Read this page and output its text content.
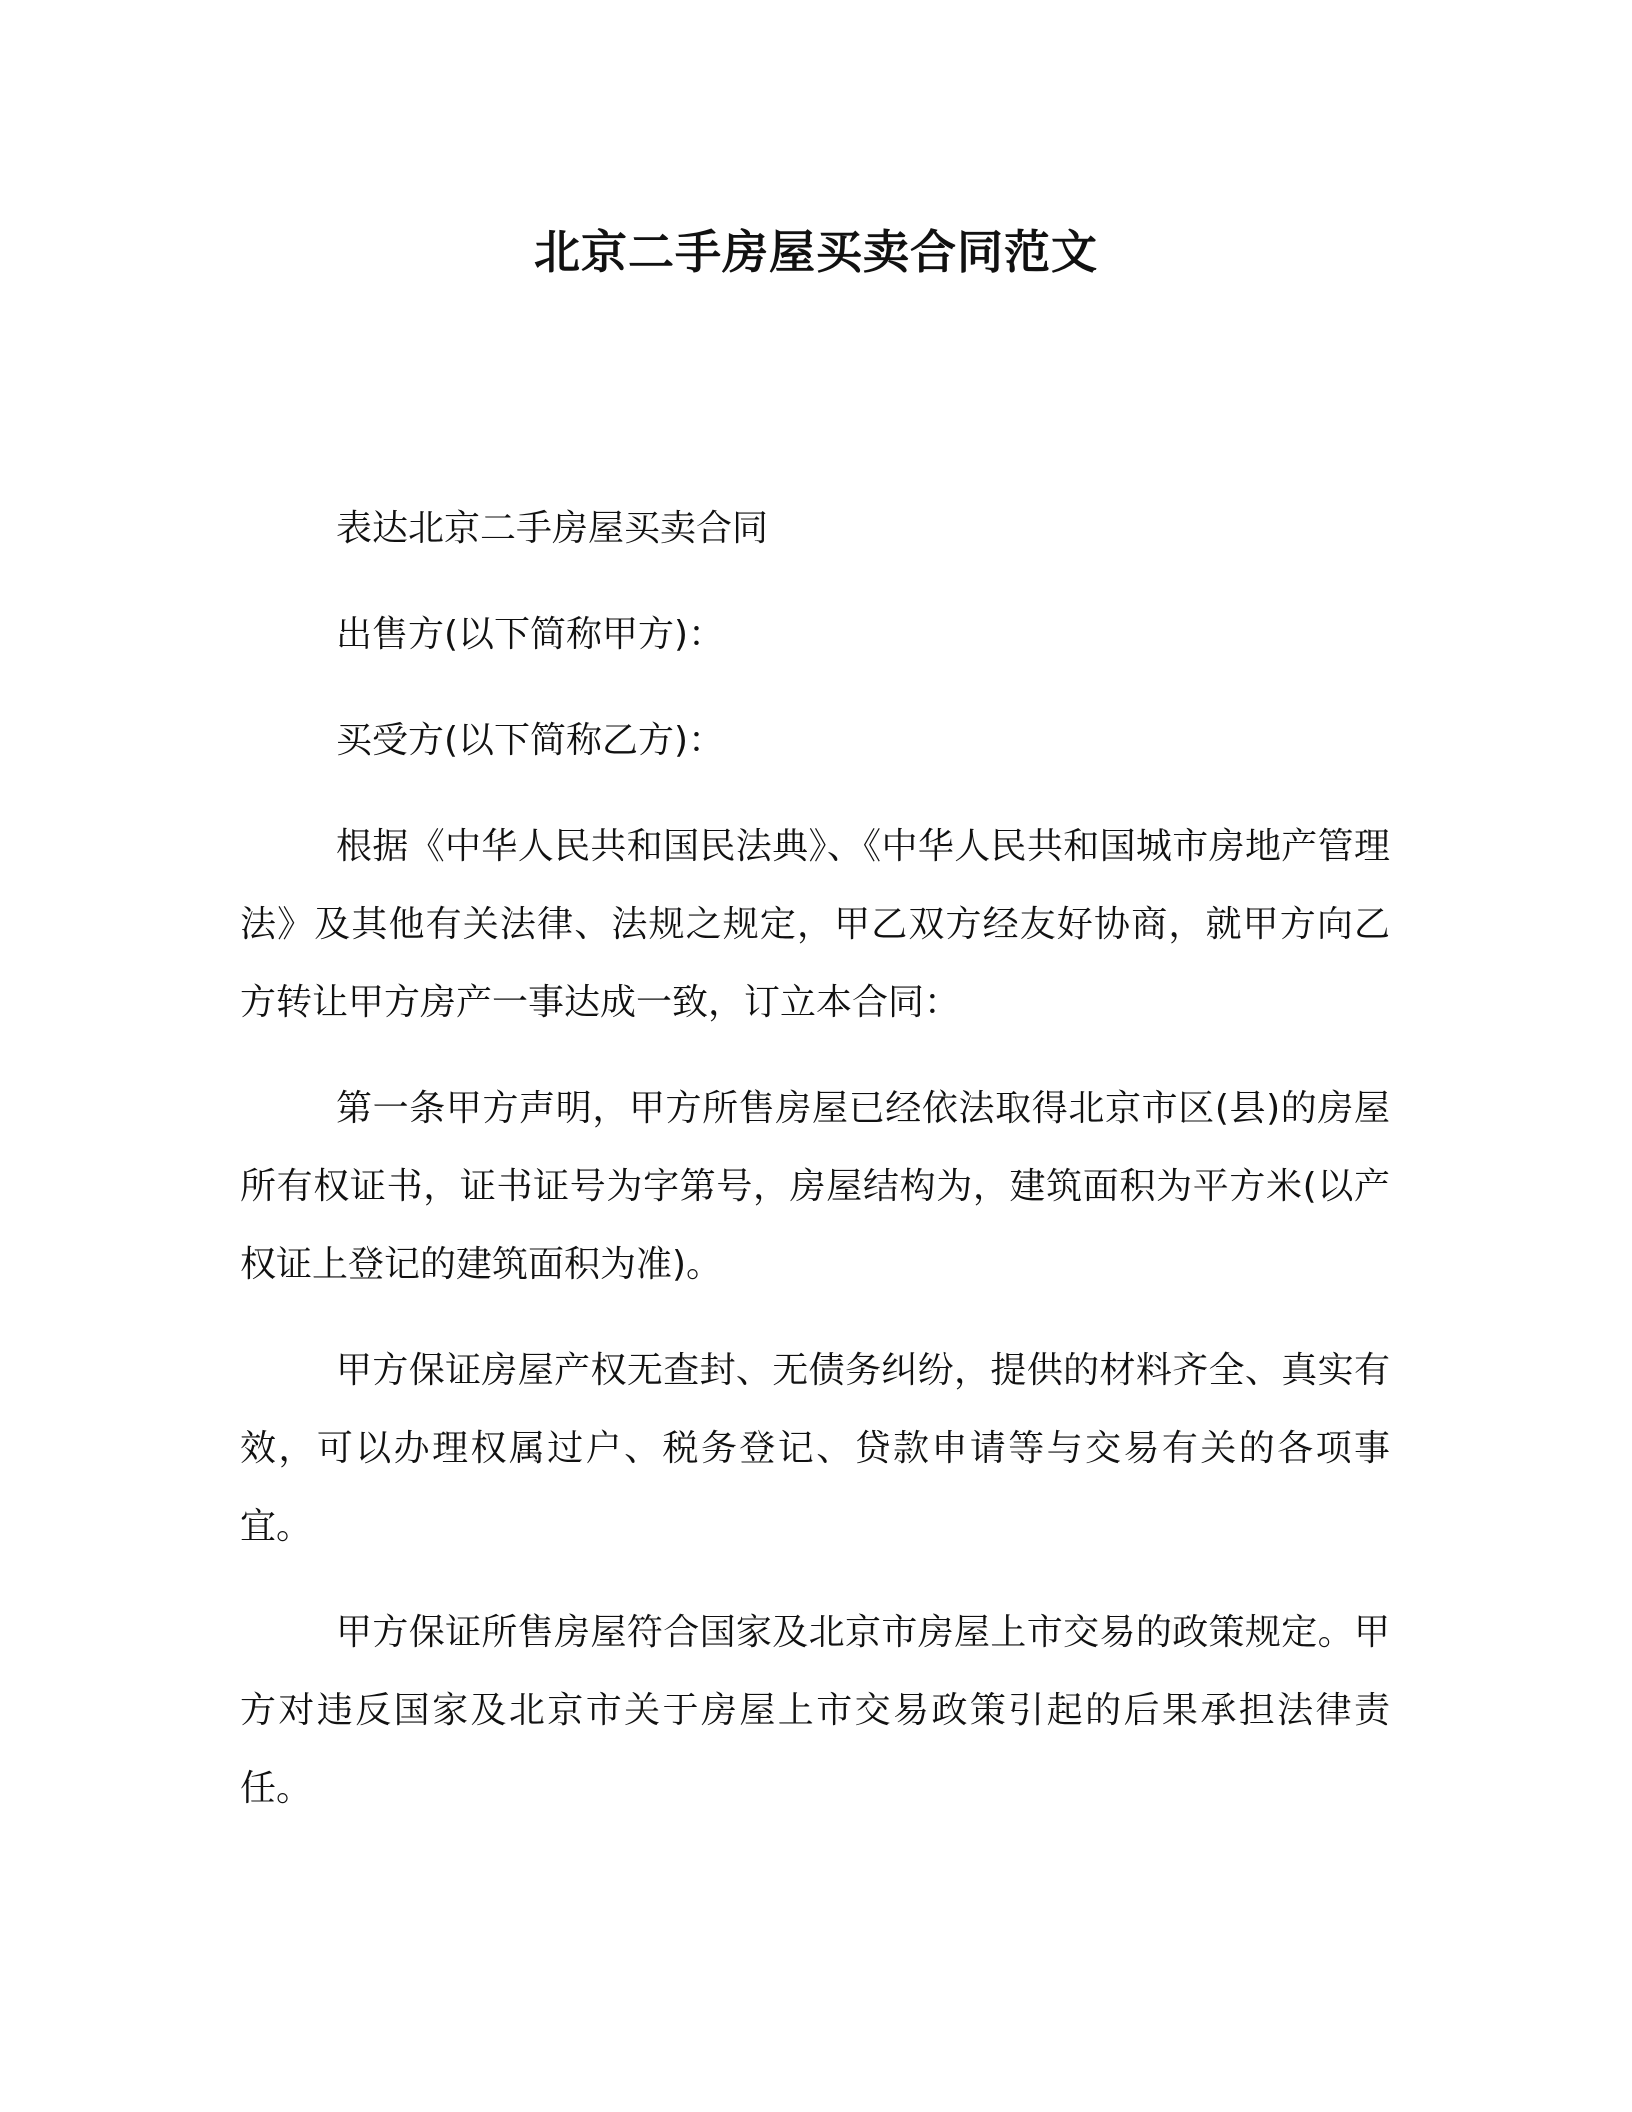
北京二手房屋买卖合同范文

表达北京二手房屋买卖合同

出售方(以下简称甲方)：

买受方(以下简称乙方)：

根据《中华人民共和国民法典》、《中华人民共和国城市房地产管理法》及其他有关法律、法规之规定，甲乙双方经友好协商，就甲方向乙方转让甲方房产一事达成一致，订立本合同：

第一条甲方声明，甲方所售房屋已经依法取得北京市区(县)的房屋所有权证书，证书证号为字第号，房屋结构为，建筑面积为平方米(以产权证上登记的建筑面积为准)。

甲方保证房屋产权无查封、无债务纠纷，提供的材料齐全、真实有效，可以办理权属过户、税务登记、贷款申请等与交易有关的各项事宜。

甲方保证所售房屋符合国家及北京市房屋上市交易的政策规定。甲方对违反国家及北京市关于房屋上市交易政策引起的后果承担法律责任。
